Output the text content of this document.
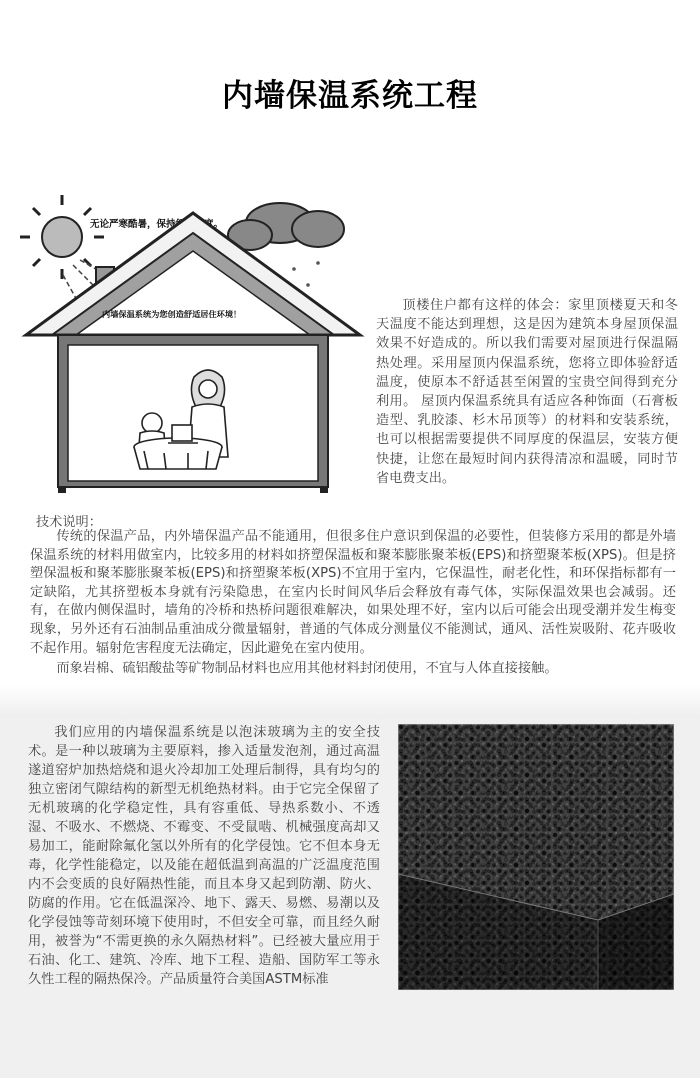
内墙保温系统工程
无论严寒酷暑，保持舒适温度。
内墙保温系统为您创造舒适居住环境！

顶楼住户都有这样的体会：家里顶楼夏天和冬天温度不能达到理想，这是因为建筑本身屋顶保温效果不好造成的。所以我们需要对屋顶进行保温隔热处理。采用屋顶内保温系统，您将立即体验舒适温度，使原本不舒适甚至闲置的宝贵空间得到充分利用。 屋顶内保温系统具有适应各种饰面（石膏板造型、乳胶漆、杉木吊顶等）的材料和安装系统，也可以根据需要提供不同厚度的保温层，安装方便快捷，让您在最短时间内获得清凉和温暖，同时节省电费支出。

技术说明：

传统的保温产品，内外墙保温产品不能通用，但很多住户意识到保温的必要性，但装修方采用的都是外墙保温系统的材料用做室内，比较多用的材料如挤塑保温板和聚苯膨胀聚苯板(EPS)和挤塑聚苯板(XPS)。但是挤塑保温板和聚苯膨胀聚苯板(EPS)和挤塑聚苯板(XPS)不宜用于室内，它保温性，耐老化性，和环保指标都有一定缺陷，尤其挤塑板本身就有污染隐患，在室内长时间风华后会释放有毒气体，实际保温效果也会减弱。还有，在做内侧保温时，墙角的冷桥和热桥问题很难解决，如果处理不好，室内以后可能会出现受潮并发生梅变现象，另外还有石油制品重油成分微量辐射，普通的气体成分测量仪不能测试，通风、活性炭吸附、花卉吸收不起作用。辐射危害程度无法确定，因此避免在室内使用。

而象岩棉、硫铝酸盐等矿物制品材料也应用其他材料封闭使用，不宜与人体直接接触。

我们应用的内墙保温系统是以泡沫玻璃为主的安全技术。是一种以玻璃为主要原料，掺入适量发泡剂，通过高温遂道窑炉加热焙烧和退火冷却加工处理后制得，具有均匀的独立密闭气隙结构的新型无机绝热材料。由于它完全保留了无机玻璃的化学稳定性，具有容重低、导热系数小、不透湿、不吸水、不燃烧、不霉变、不受鼠啮、机械强度高却又易加工，能耐除氟化氢以外所有的化学侵蚀。它不但本身无毒，化学性能稳定，以及能在超低温到高温的广泛温度范围内不会变质的良好隔热性能，而且本身又起到防潮、防火、防腐的作用。它在低温深冷、地下、露天、易燃、易潮以及化学侵蚀等苛刻环境下使用时，不但安全可靠，而且经久耐用，被誉为“不需更换的永久隔热材料”。已经被大量应用于石油、化工、建筑、冷库、地下工程、造船、国防军工等永久性工程的隔热保冷。产品质量符合美国ASTM标准
